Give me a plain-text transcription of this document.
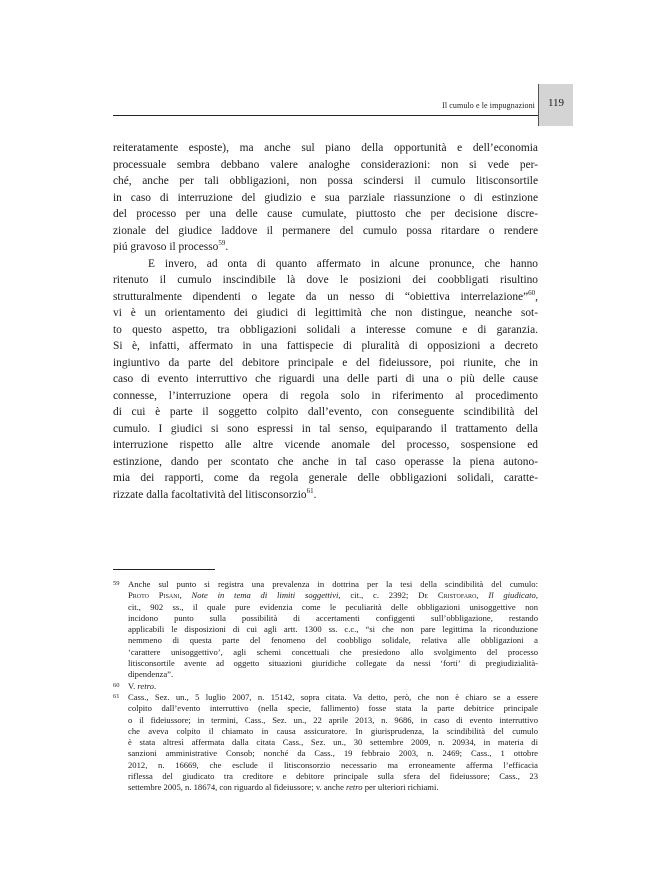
Il cumulo e le impugnazioni	119
reiteratamente esposte), ma anche sul piano della opportunità e dell’economia
processuale sembra debbano valere analoghe considerazioni: non si vede per-
ché, anche per tali obbligazioni, non possa scindersi il cumulo litisconsortile
in caso di interruzione del giudizio e sua parziale riassunzione o di estinzione
del processo per una delle cause cumulate, piuttosto che per decisione discre-
zionale del giudice laddove il permanere del cumulo possa ritardare o rendere
piú gravoso il processo$^{59}$.
E invero, ad onta di quanto affermato in alcune pronunce, che hanno
ritenuto il cumulo inscindibile là dove le posizioni dei coobbligati risultino
strutturalmente dipendenti o legate da un nesso di “obiettiva interrelazione”$^{60}$,
vi è un orientamento dei giudici di legittimità che non distingue, neanche sot-
to questo aspetto, tra obbligazioni solidali a interesse comune e di garanzia.
Si è, infatti, affermato in una fattispecie di pluralità di opposizioni a decreto
ingiuntivo da parte del debitore principale e del fideiussore, poi riunite, che in
caso di evento interruttivo che riguardi una delle parti di una o più delle cause
connesse, l’interruzione opera di regola solo in riferimento al procedimento
di cui è parte il soggetto colpito dall’evento, con conseguente scindibilità del
cumulo. I giudici si sono espressi in tal senso, equiparando il trattamento della
interruzione rispetto alle altre vicende anomale del processo, sospensione ed
estinzione, dando per scontato che anche in tal caso operasse la piena autono-
mia dei rapporti, come da regola generale delle obbligazioni solidali, caratte-
rizzate dalla facoltatività del litisconsorzio$^{61}$.
59 Anche sul punto si registra una prevalenza in dottrina per la tesi della scindibilità del cumulo:
Proto Pisani, Note in tema di limiti soggettivi, cit., c. 2392; De Cristofaro, Il giudicato,
cit., 902 ss., il quale pure evidenzia come le peculiarità delle obbligazioni unisoggettive non
incidono punto sulla possibilità di accertamenti configgenti sull’obbligazione, restando
applicabili le disposizioni di cui agli artt. 1300 ss. c.c., “si che non pare legittima la riconduzione
nemmeno di questa parte del fenomeno del coobbligo solidale, relativa alle obbligazioni a
‘carattere unisoggettivo’, agli schemi concettuali che presiedono allo svolgimento del processo
litisconsortile avente ad oggetto situazioni giuridiche collegate da nessi ‘forti’ di pregiudizialità-
dipendenza”.
60 V. retro.
61 Cass., Sez. un., 5 luglio 2007, n. 15142, sopra citata. Va detto, però, che non è chiaro se a essere
colpito dall’evento interruttivo (nella specie, fallimento) fosse stata la parte debitrice principale
o il fideiussore; in termini, Cass., Sez. un., 22 aprile 2013, n. 9686, in caso di evento interruttivo
che aveva colpito il chiamato in causa assicuratore. In giurisprudenza, la scindibilità del cumulo
è stata altresì affermata dalla citata Cass., Sez. un., 30 settembre 2009, n. 20934, in materia di
sanzioni amministrative Consob; nonché da Cass., 19 febbraio 2003, n. 2469; Cass., 1 ottobre
2012, n. 16669, che esclude il litisconsorzio necessario ma erroneamente afferma l’efficacia
riflessa del giudicato tra creditore e debitore principale sulla sfera del fideiussore; Cass., 23
settembre 2005, n. 18674, con riguardo al fideiussore; v. anche retro per ulteriori richiami.
